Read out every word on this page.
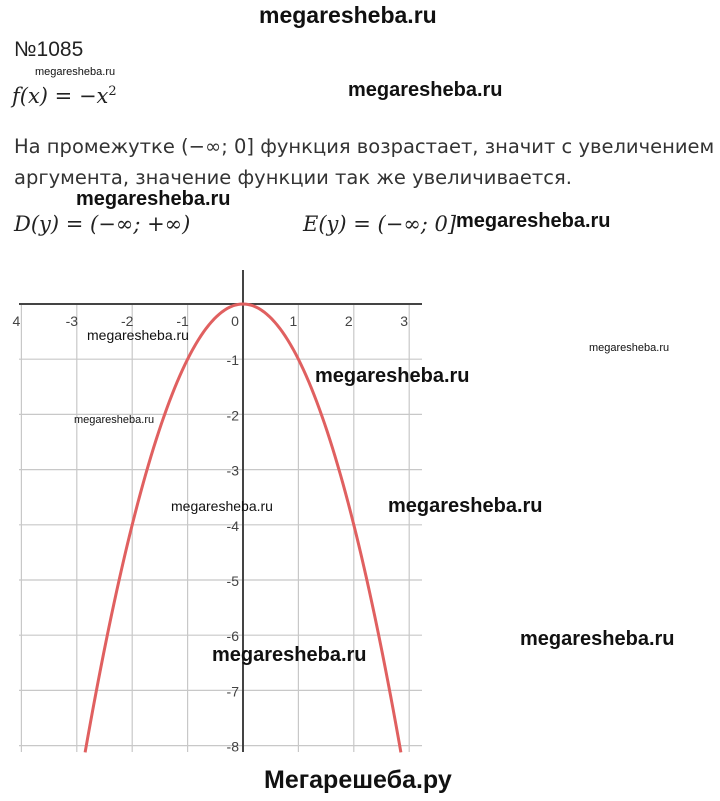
megaresheba.ru
№1085
megaresheba.ru
$f(x) = -x^2$	megaresheba.ru
На промежутке (−∞; 0] функция возрастает, значит с увеличением
аргумента, значение функции так же увеличивается.
megaresheba.ru
D(y) = (−∞; +∞)	E(y) = (−∞; 0] megaresheba.ru
4	-3	-2	-1	0	1	2	3
-1
-2
-3
-4
-5
-6
-7
-8
megaresheba.ru
megaresheba.ru
megaresheba.ru
megaresheba.ru
megaresheba.ru	megaresheba.ru
megaresheba.ru
megaresheba.ru
Мегарешеба.ру
